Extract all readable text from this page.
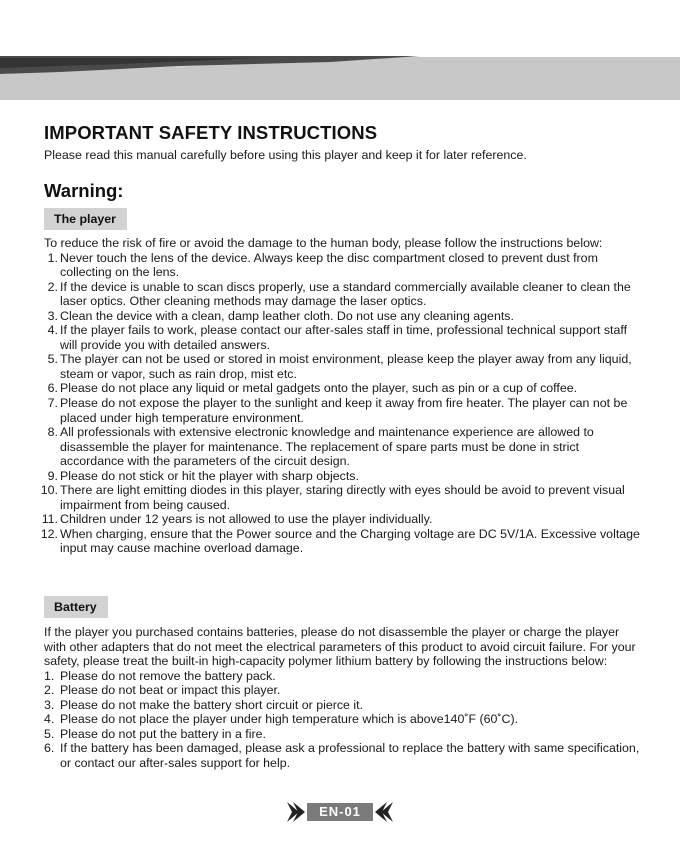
IMPORTANT SAFETY INSTRUCTIONS
Please read this manual carefully before using this player and keep it for later reference.
Warning:
The player
To reduce the risk of fire or avoid the damage to the human body, please follow the instructions below:
1. Never touch the lens of the device. Always keep the disc compartment closed to prevent dust from collecting on the lens.
2. If the device is unable to scan discs properly, use a standard commercially available cleaner to clean the laser optics. Other cleaning methods may damage the laser optics.
3. Clean the device with a clean, damp leather cloth. Do not use any cleaning agents.
4. If the player fails to work, please contact our after-sales staff in time, professional technical support staff will provide you with detailed answers.
5. The player can not be used or stored in moist environment, please keep the player away from any liquid, steam or vapor, such as rain drop, mist etc.
6. Please do not place any liquid or metal gadgets onto the player, such as pin or a cup of coffee.
7. Please do not expose the player to the sunlight and keep it away from fire heater. The player can not be placed under high temperature environment.
8. All professionals with extensive electronic knowledge and maintenance experience are allowed to disassemble the player for maintenance. The replacement of spare parts must be done in strict accordance with the parameters of the circuit design.
9. Please do not stick or hit the player with sharp objects.
10. There are light emitting diodes in this player, staring directly with eyes should be avoid to prevent visual impairment from being caused.
11. Children under 12 years is not allowed to use the player individually.
12. When charging, ensure that the Power source and the Charging voltage are DC 5V/1A. Excessive voltage input may cause machine overload damage.
Battery
If the player you purchased contains batteries, please do not disassemble the player or charge the player with other adapters that do not meet the electrical parameters of this product to avoid circuit failure. For your safety, please treat the built-in high-capacity polymer lithium battery by following the instructions below:
1. Please do not remove the battery pack.
2. Please do not beat or impact this player.
3. Please do not make the battery short circuit or pierce it.
4. Please do not place the player under high temperature which is above140˚F (60˚C).
5. Please do not put the battery in a fire.
6. If the battery has been damaged, please ask a professional to replace the battery with same specification, or contact our after-sales support for help.
EN-01
